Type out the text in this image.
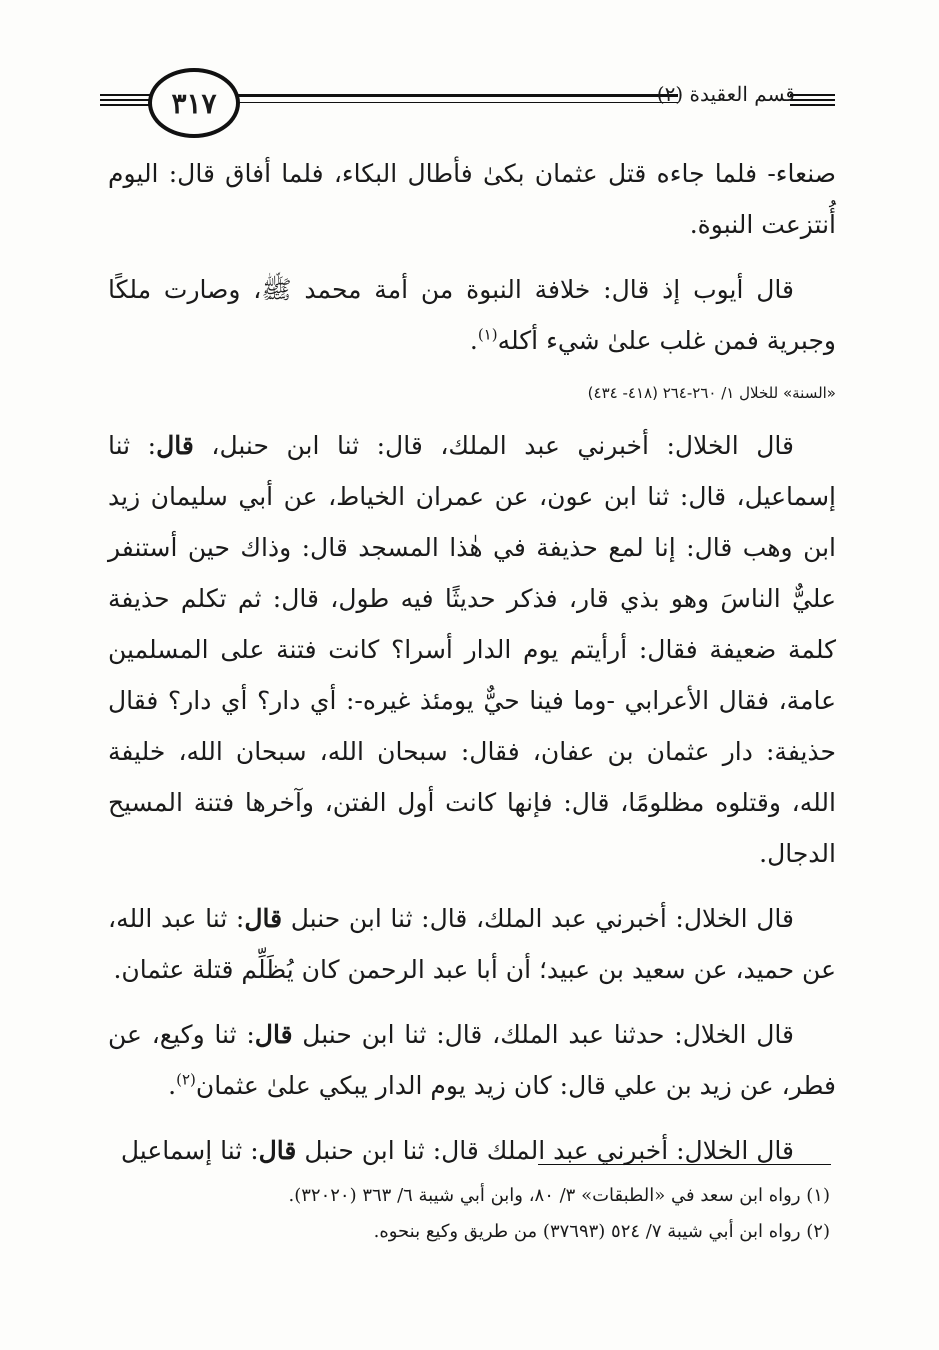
٣١٧	قسم العقيدة (٢)

صنعاء- فلما جاءه قتل عثمان بكىٰ فأطال البكاء، فلما أفاق قال: اليوم أُنتزعت النبوة.

قال أيوب إذ قال: خلافة النبوة من أمة محمد ﷺ، وصارت ملكًا وجبرية فمن غلب علىٰ شيء أكله$^{(١)}$.

«السنة» للخلال ١/ ٢٦٠-٢٦٤ (٤١٨- ٤٣٤)

قال الخلال: أخبرني عبد الملك، قال: ثنا ابن حنبل، قال: ثنا إسماعيل، قال: ثنا ابن عون، عن عمران الخياط، عن أبي سليمان زيد ابن وهب قال: إنا لمع حذيفة في هٰذا المسجد قال: وذاك حين أستنفر عليٌّ الناسَ وهو بذي قار، فذكر حديثًا فيه طول، قال: ثم تكلم حذيفة كلمة ضعيفة فقال: أرأيتم يوم الدار أسرا؟ كانت فتنة على المسلمين عامة، فقال الأعرابي -وما فينا حيٌّ يومئذ غيره-: أي دار؟ أي دار؟ فقال حذيفة: دار عثمان بن عفان، فقال: سبحان الله، سبحان الله، خليفة الله، وقتلوه مظلومًا، قال: فإنها كانت أول الفتن، وآخرها فتنة المسيح الدجال.

قال الخلال: أخبرني عبد الملك، قال: ثنا ابن حنبل قال: ثنا عبد الله، عن حميد، عن سعيد بن عبيد؛ أن أبا عبد الرحمن كان يُظَلِّم قتلة عثمان.

قال الخلال: حدثنا عبد الملك، قال: ثنا ابن حنبل قال: ثنا وكيع، عن فطر، عن زيد بن علي قال: كان زيد يوم الدار يبكي علىٰ عثمان$^{(٢)}$.

قال الخلال: أخبرني عبد الملك قال: ثنا ابن حنبل قال: ثنا إسماعيل

(١) رواه ابن سعد في «الطبقات» ٣/ ٨٠، وابن أبي شيبة ٦/ ٣٦٣ (٣٢٠٢٠).
(٢) رواه ابن أبي شيبة ٧/ ٥٢٤ (٣٧٦٩٣) من طريق وكيع بنحوه.
